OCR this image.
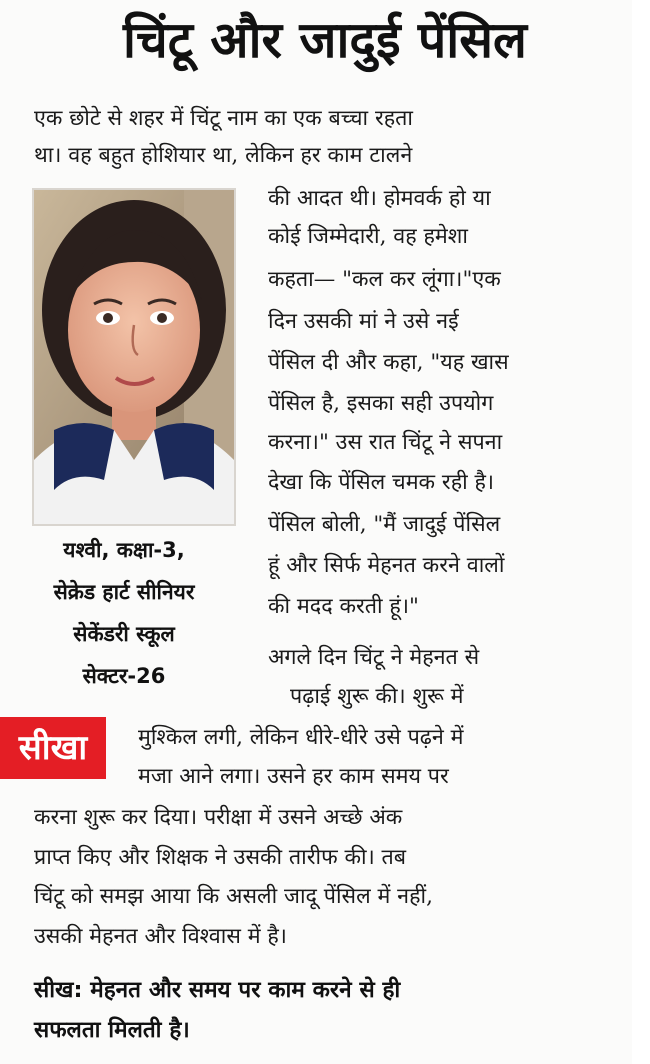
चिंटू और जादुई पेंसिल
एक छोटे से शहर में चिंटू नाम का एक बच्चा रहता
था। वह बहुत होशियार था, लेकिन हर काम टालने
की आदत थी। होमवर्क हो या
कोई जिम्मेदारी, वह हमेशा
कहता— "कल कर लूंगा।"एक
दिन उसकी मां ने उसे नई
पेंसिल दी और कहा, "यह खास
पेंसिल है, इसका सही उपयोग
करना।" उस रात चिंटू ने सपना
देखा कि पेंसिल चमक रही है।
पेंसिल बोली, "मैं जादुई पेंसिल
हूं और सिर्फ मेहनत करने वालों
की मदद करती हूं।"
अगले दिन चिंटू ने मेहनत से
पढ़ाई शुरू की। शुरू में
मुश्किल लगी, लेकिन धीरे-धीरे उसे पढ़ने में
मजा आने लगा। उसने हर काम समय पर
करना शुरू कर दिया। परीक्षा में उसने अच्छे अंक
प्राप्त किए और शिक्षक ने उसकी तारीफ की। तब
चिंटू को समझ आया कि असली जादू पेंसिल में नहीं,
उसकी मेहनत और विश्वास में है।
सीख: मेहनत और समय पर काम करने से ही
सफलता मिलती है।
यश्वी, कक्षा-3,
सेक्रेड हार्ट सीनियर
सेकेंडरी स्कूल
सेक्टर-26
सीखा
